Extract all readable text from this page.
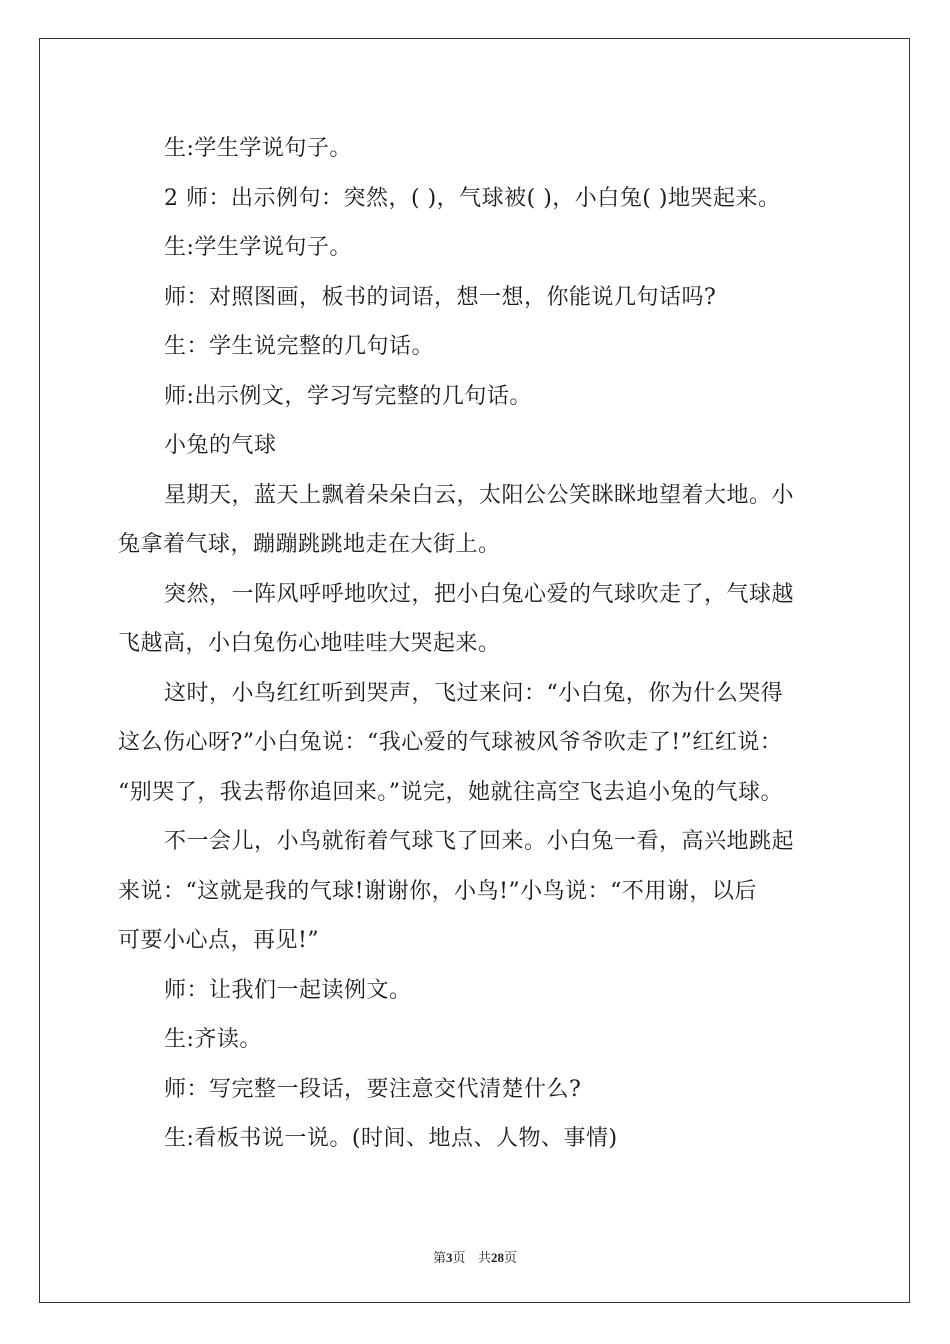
生:学生学说句子。
2 师：出示例句：突然，( )，气球被( )，小白兔( )地哭起来。
生:学生学说句子。
师：对照图画，板书的词语，想一想，你能说几句话吗?
生：学生说完整的几句话。
师:出示例文，学习写完整的几句话。
小兔的气球
星期天，蓝天上飘着朵朵白云，太阳公公笑眯眯地望着大地。小
兔拿着气球，蹦蹦跳跳地走在大街上。
突然，一阵风呼呼地吹过，把小白兔心爱的气球吹走了，气球越
飞越高，小白兔伤心地哇哇大哭起来。
这时，小鸟红红听到哭声，飞过来问：“小白兔，你为什么哭得
这么伤心呀?”小白兔说：“我心爱的气球被风爷爷吹走了!”红红说：
“别哭了，我去帮你追回来。”说完，她就往高空飞去追小兔的气球。
不一会儿，小鸟就衔着气球飞了回来。小白兔一看，高兴地跳起
来说：“这就是我的气球!谢谢你，小鸟!”小鸟说：“不用谢，以后
可要小心点，再见!”
师：让我们一起读例文。
生:齐读。
师：写完整一段话，要注意交代清楚什么?
生:看板书说一说。(时间、地点、人物、事情)
第3页 共28页
